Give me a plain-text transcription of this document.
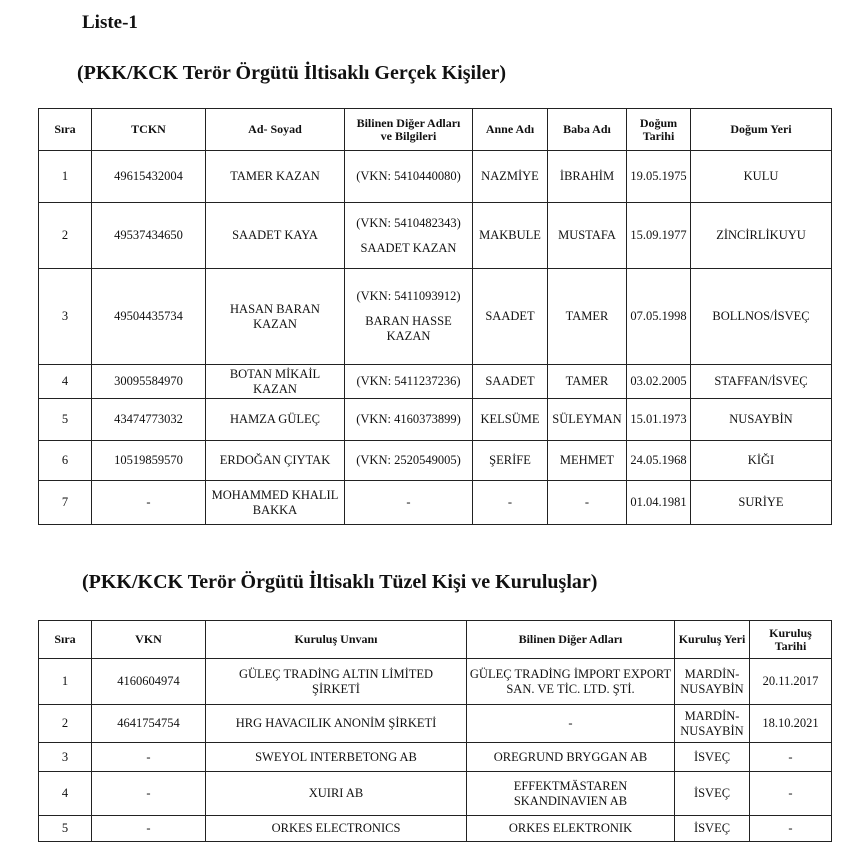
Liste-1
(PKK/KCK Terör Örgütü İltisaklı Gerçek Kişiler)
Sıra	TCKN	Ad- Soyad	Bilinen Diğer Adları
ve Bilgileri	Anne Adı	Baba Adı	Doğum
Tarihi	Doğum Yeri
1	49615432004	TAMER KAZAN	(VKN: 5410440080)	NAZMİYE	İBRAHİM	19.05.1975	KULU
2	49537434650	SAADET KAYA	(VKN: 5410482343)
SAADET KAZAN	MAKBULE	MUSTAFA	15.09.1977	ZİNCİRLİKUYU
3	49504435734	HASAN BARAN
KAZAN	(VKN: 5411093912)
BARAN HASSE
KAZAN	SAADET	TAMER	07.05.1998	BOLLNOS/İSVEÇ
4	30095584970	BOTAN MİKAİL
KAZAN	(VKN: 5411237236)	SAADET	TAMER	03.02.2005	STAFFAN/İSVEÇ
5	43474773032	HAMZA GÜLEÇ	(VKN: 4160373899)	KELSÜME	SÜLEYMAN	15.01.1973	NUSAYBİN
6	10519859570	ERDOĞAN ÇIYTAK	(VKN: 2520549005)	ŞERİFE	MEHMET	24.05.1968	KİĞI
7	-	MOHAMMED KHALIL
BAKKA	-	-	-	01.04.1981	SURİYE
(PKK/KCK Terör Örgütü İltisaklı Tüzel Kişi ve Kuruluşlar)
Sıra	VKN	Kuruluş Unvanı	Bilinen Diğer Adları	Kuruluş Yeri	Kuruluş Tarihi
1	4160604974	GÜLEÇ TRADİNG ALTIN LİMİTED
ŞİRKETİ	GÜLEÇ TRADİNG İMPORT EXPORT
SAN. VE TİC. LTD. ŞTİ.	MARDİN-
NUSAYBİN	20.11.2017
2	4641754754	HRG HAVACILIK ANONİM ŞİRKETİ	-	MARDİN-
NUSAYBİN	18.10.2021
3	-	SWEYOL INTERBETONG AB	OREGRUND BRYGGAN AB	İSVEÇ	-
4	-	XUIRI AB	EFFEKTMÄSTAREN
SKANDINAVIEN AB	İSVEÇ	-
5	-	ORKES ELECTRONICS	ORKES ELEKTRONIK	İSVEÇ	-
